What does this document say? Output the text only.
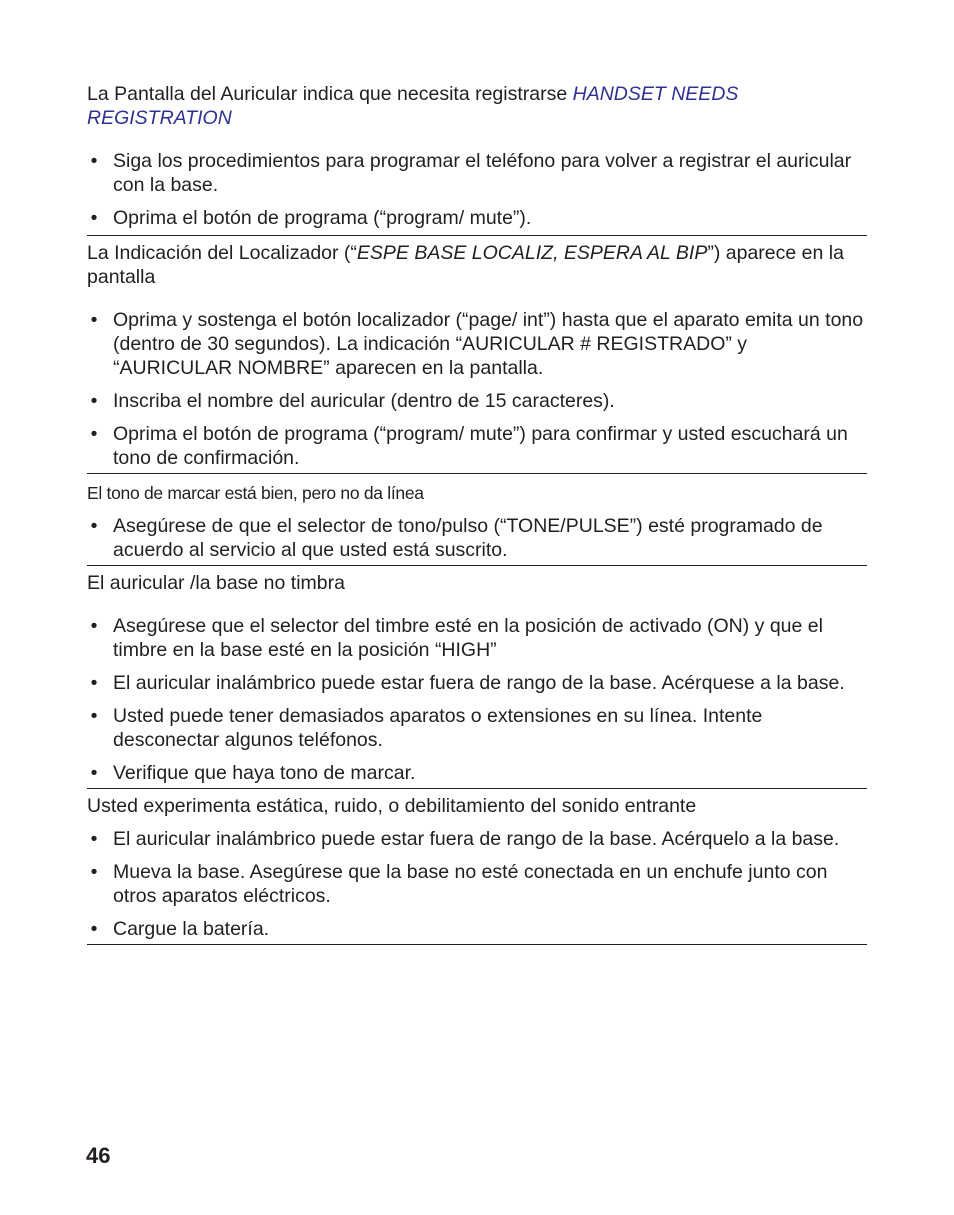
La Pantalla del Auricular indica que necesita registrarse HANDSET NEEDS REGISTRATION

• Siga los procedimientos para programar el teléfono para volver a registrar el auricular con la base.
• Oprima el botón de programa (“program/ mute”).

La Indicación del Localizador (“ESPE BASE LOCALIZ, ESPERA AL BIP”) aparece en la pantalla

• Oprima y sostenga el botón localizador (“page/ int”) hasta que el aparato emita un tono (dentro de 30 segundos). La indicación “AURICULAR # REGISTRADO” y “AURICULAR NOMBRE” aparecen en la pantalla.
• Inscriba el nombre del auricular (dentro de 15 caracteres).
• Oprima el botón de programa (“program/ mute”) para confirmar y usted escuchará un tono de confirmación.

El tono de marcar está bien, pero no da línea

• Asegúrese de que el selector de tono/pulso (“TONE/PULSE”) esté programado de acuerdo al servicio al que usted está suscrito.

El auricular /la base no timbra

• Asegúrese que el selector del timbre esté en la posición de activado (ON) y que el timbre en la base esté en la posición “HIGH”
• El auricular inalámbrico puede estar fuera de rango de la base. Acérquese a la base.
• Usted puede tener demasiados aparatos o extensiones en su línea. Intente desconectar algunos teléfonos.
• Verifique que haya tono de marcar.

Usted experimenta estática, ruido, o debilitamiento del sonido entrante

• El auricular inalámbrico puede estar fuera de rango de la base. Acérquelo a la base.
• Mueva la base. Asegúrese que la base no esté conectada en un enchufe junto con otros aparatos eléctricos.
• Cargue la batería.
46
